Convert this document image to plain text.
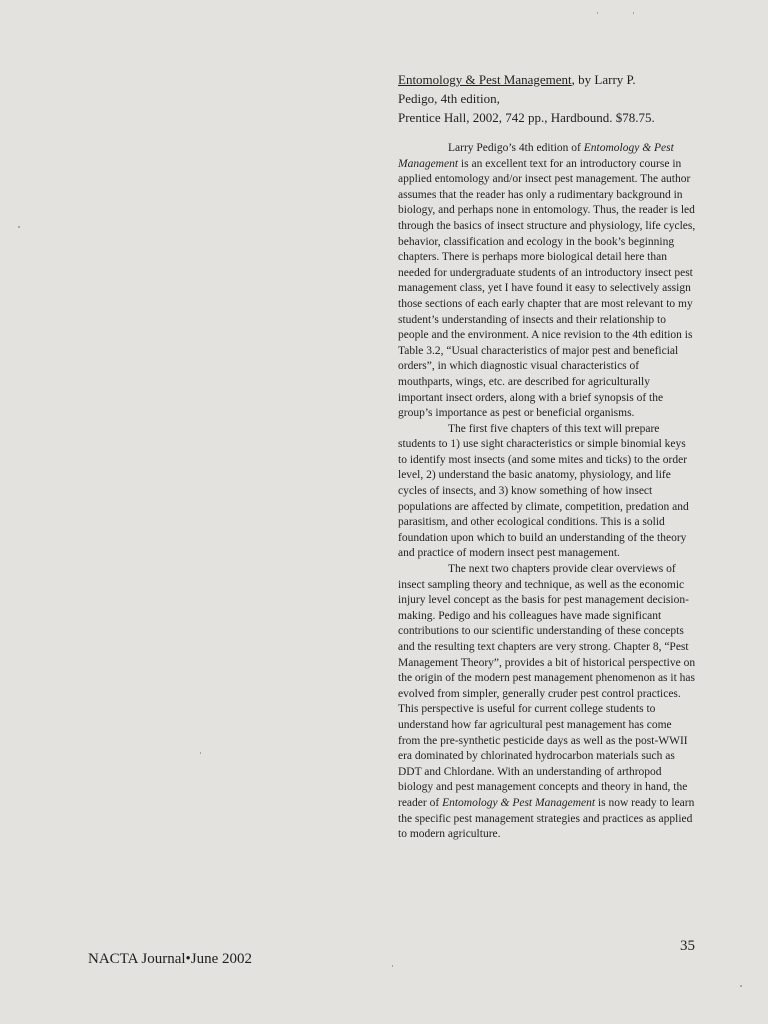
Entomology & Pest Management, by Larry P.
Pedigo, 4th edition,
Prentice Hall, 2002, 742 pp., Hardbound. $78.75.

Larry Pedigo’s 4th edition of Entomology & Pest Management is an excellent text for an introductory course in applied entomology and/or insect pest management. The author assumes that the reader has only a rudimentary background in biology, and perhaps none in entomology. Thus, the reader is led through the basics of insect structure and physiology, life cycles, behavior, classification and ecology in the book’s beginning chapters. There is perhaps more biological detail here than needed for undergraduate students of an introductory insect pest management class, yet I have found it easy to selectively assign those sections of each early chapter that are most relevant to my student’s understanding of insects and their relationship to people and the environment. A nice revision to the 4th edition is Table 3.2, “Usual characteristics of major pest and beneficial orders”, in which diagnostic visual characteristics of mouthparts, wings, etc. are described for agriculturally important insect orders, along with a brief synopsis of the group’s importance as pest or beneficial organisms.

The first five chapters of this text will prepare students to 1) use sight characteristics or simple binomial keys to identify most insects (and some mites and ticks) to the order level, 2) understand the basic anatomy, physiology, and life cycles of insects, and 3) know something of how insect populations are affected by climate, competition, predation and parasitism, and other ecological conditions. This is a solid foundation upon which to build an understanding of the theory and practice of modern insect pest management.

The next two chapters provide clear overviews of insect sampling theory and technique, as well as the economic injury level concept as the basis for pest management decision-making. Pedigo and his colleagues have made significant contributions to our scientific understanding of these concepts and the resulting text chapters are very strong. Chapter 8, “Pest Management Theory”, provides a bit of historical perspective on the origin of the modern pest management phenomenon as it has evolved from simpler, generally cruder pest control practices. This perspective is useful for current college students to understand how far agricultural pest management has come from the pre-synthetic pesticide days as well as the post-WWII era dominated by chlorinated hydrocarbon materials such as DDT and Chlordane. With an understanding of arthropod biology and pest management concepts and theory in hand, the reader of Entomology & Pest Management is now ready to learn the specific pest management strategies and practices as applied to modern agriculture.

35
NACTA Journal•June 2002
